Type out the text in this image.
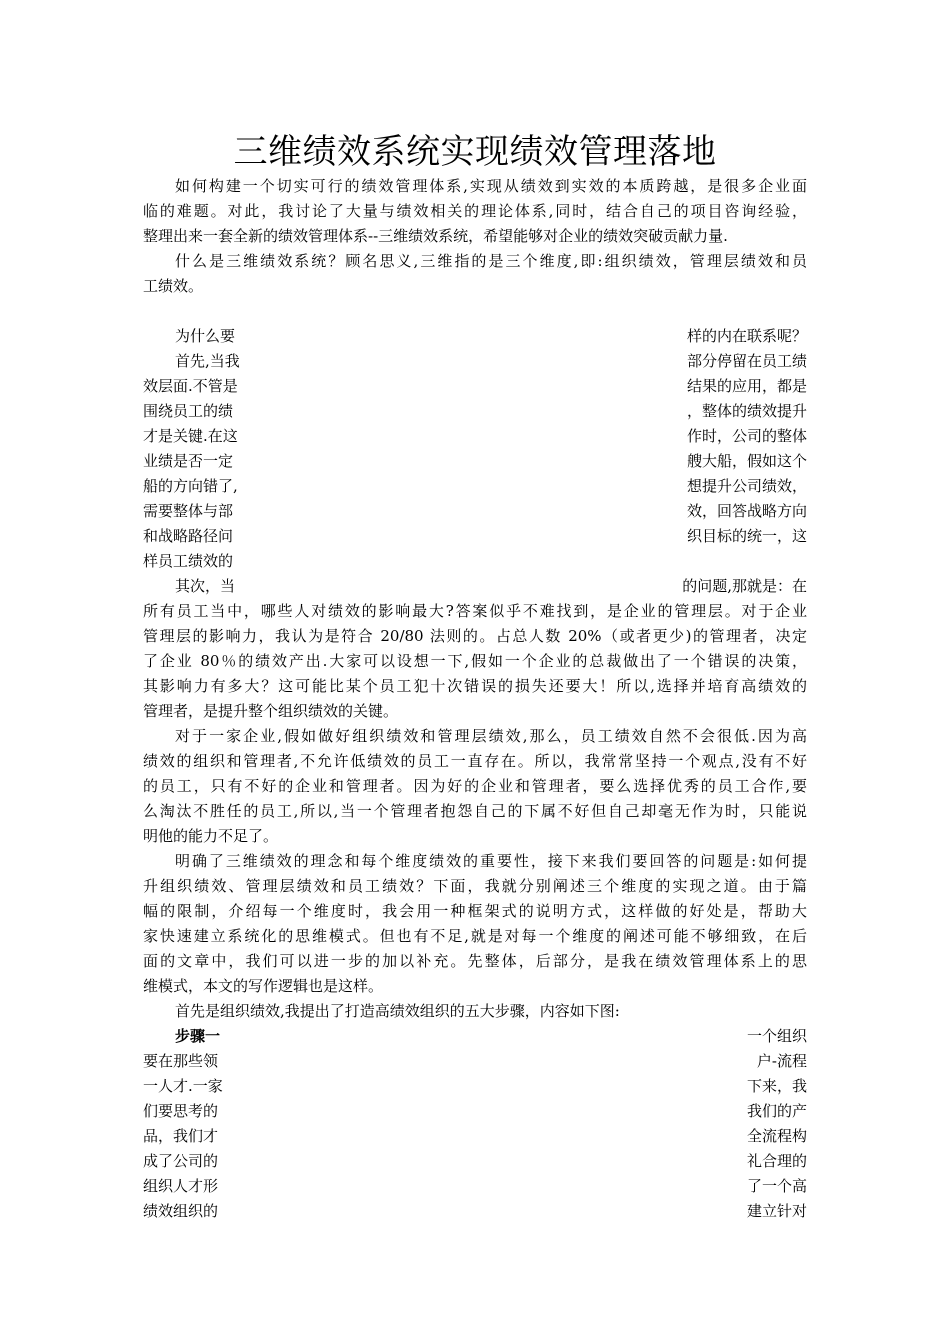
三维绩效系统实现绩效管理落地
如何构建一个切实可行的绩效管理体系,实现从绩效到实效的本质跨越，是很多企业面
临的难题。对此，我讨论了大量与绩效相关的理论体系,同时，结合自己的项目咨询经验，
整理出来一套全新的绩效管理体系--三维绩效系统，希望能够对企业的绩效突破贡献力量.
什么是三维绩效系统？顾名思义,三维指的是三个维度,即:组织绩效，管理层绩效和员
工绩效。
为什么要	样的内在联系呢？
首先,当我	部分停留在员工绩
效层面.不管是	结果的应用，都是
围绕员工的绩	，整体的绩效提升
才是关键.在这	作时，公司的整体
业绩是否一定	艘大船，假如这个
船的方向错了,	想提升公司绩效，
需要整体与部	效，回答战略方向
和战略路径问	织目标的统一，这
样员工绩效的
其次，当	的问题,那就是：在
所有员工当中，哪些人对绩效的影响最大?答案似乎不难找到，是企业的管理层。对于企业
管理层的影响力，我认为是符合 20/80 法则的。占总人数 20%（或者更少)的管理者，决定
了企业 80％的绩效产出.大家可以设想一下,假如一个企业的总裁做出了一个错误的决策，
其影响力有多大？这可能比某个员工犯十次错误的损失还要大！所以,选择并培育高绩效的
管理者，是提升整个组织绩效的关键。
对于一家企业,假如做好组织绩效和管理层绩效,那么，员工绩效自然不会很低.因为高
绩效的组织和管理者,不允许低绩效的员工一直存在。所以，我常常坚持一个观点,没有不好
的员工，只有不好的企业和管理者。因为好的企业和管理者，要么选择优秀的员工合作,要
么淘汰不胜任的员工,所以,当一个管理者抱怨自己的下属不好但自己却毫无作为时，只能说
明他的能力不足了。
明确了三维绩效的理念和每个维度绩效的重要性，接下来我们要回答的问题是:如何提
升组织绩效、管理层绩效和员工绩效？下面，我就分别阐述三个维度的实现之道。由于篇
幅的限制，介绍每一个维度时，我会用一种框架式的说明方式，这样做的好处是，帮助大
家快速建立系统化的思维模式。但也有不足,就是对每一个维度的阐述可能不够细致，在后
面的文章中，我们可以进一步的加以补充。先整体，后部分，是我在绩效管理体系上的思
维模式，本文的写作逻辑也是这样。
首先是组织绩效,我提出了打造高绩效组织的五大步骤，内容如下图:
步骤一	一个组织
要在那些领	户-流程
一人才.一家	下来，我
们要思考的	我们的产
品，我们才	全流程构
成了公司的	礼合理的
组织人才形	了一个高
绩效组织的	建立针对
